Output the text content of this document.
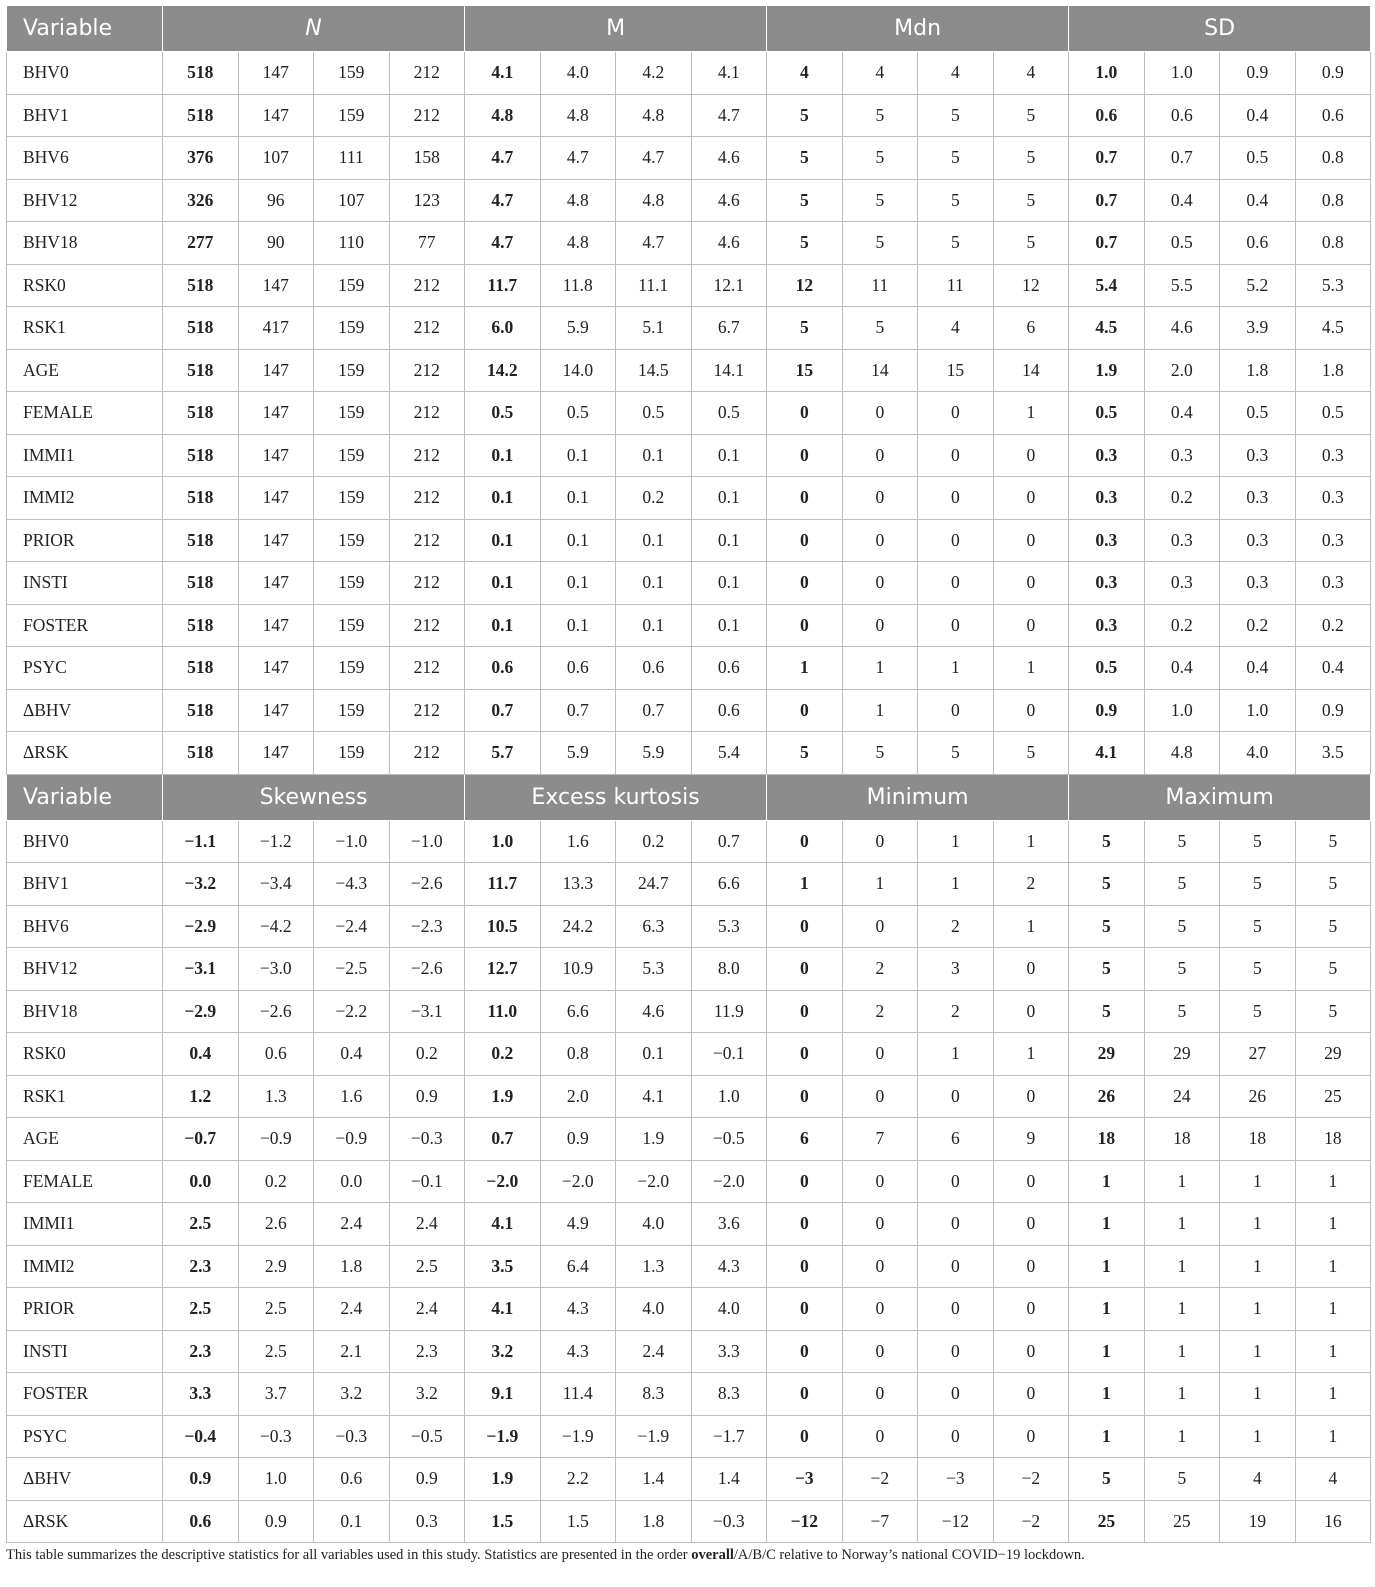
Variable	N				M				Mdn				SD			
BHV0	518	147	159	212	4.1	4.0	4.2	4.1	4	4	4	4	1.0	1.0	0.9	0.9
BHV1	518	147	159	212	4.8	4.8	4.8	4.7	5	5	5	5	0.6	0.6	0.4	0.6
BHV6	376	107	111	158	4.7	4.7	4.7	4.6	5	5	5	5	0.7	0.7	0.5	0.8
BHV12	326	96	107	123	4.7	4.8	4.8	4.6	5	5	5	5	0.7	0.4	0.4	0.8
BHV18	277	90	110	77	4.7	4.8	4.7	4.6	5	5	5	5	0.7	0.5	0.6	0.8
RSK0	518	147	159	212	11.7	11.8	11.1	12.1	12	11	11	12	5.4	5.5	5.2	5.3
RSK1	518	417	159	212	6.0	5.9	5.1	6.7	5	5	4	6	4.5	4.6	3.9	4.5
AGE	518	147	159	212	14.2	14.0	14.5	14.1	15	14	15	14	1.9	2.0	1.8	1.8
FEMALE	518	147	159	212	0.5	0.5	0.5	0.5	0	0	0	1	0.5	0.4	0.5	0.5
IMMI1	518	147	159	212	0.1	0.1	0.1	0.1	0	0	0	0	0.3	0.3	0.3	0.3
IMMI2	518	147	159	212	0.1	0.1	0.2	0.1	0	0	0	0	0.3	0.2	0.3	0.3
PRIOR	518	147	159	212	0.1	0.1	0.1	0.1	0	0	0	0	0.3	0.3	0.3	0.3
INSTI	518	147	159	212	0.1	0.1	0.1	0.1	0	0	0	0	0.3	0.3	0.3	0.3
FOSTER	518	147	159	212	0.1	0.1	0.1	0.1	0	0	0	0	0.3	0.2	0.2	0.2
PSYC	518	147	159	212	0.6	0.6	0.6	0.6	1	1	1	1	0.5	0.4	0.4	0.4
ΔBHV	518	147	159	212	0.7	0.7	0.7	0.6	0	1	0	0	0.9	1.0	1.0	0.9
ΔRSK	518	147	159	212	5.7	5.9	5.9	5.4	5	5	5	5	4.1	4.8	4.0	3.5
Variable	Skewness				Excess kurtosis				Minimum				Maximum			
BHV0	−1.1	−1.2	−1.0	−1.0	1.0	1.6	0.2	0.7	0	0	1	1	5	5	5	5
BHV1	−3.2	−3.4	−4.3	−2.6	11.7	13.3	24.7	6.6	1	1	1	2	5	5	5	5
BHV6	−2.9	−4.2	−2.4	−2.3	10.5	24.2	6.3	5.3	0	0	2	1	5	5	5	5
BHV12	−3.1	−3.0	−2.5	−2.6	12.7	10.9	5.3	8.0	0	2	3	0	5	5	5	5
BHV18	−2.9	−2.6	−2.2	−3.1	11.0	6.6	4.6	11.9	0	2	2	0	5	5	5	5
RSK0	0.4	0.6	0.4	0.2	0.2	0.8	0.1	−0.1	0	0	1	1	29	29	27	29
RSK1	1.2	1.3	1.6	0.9	1.9	2.0	4.1	1.0	0	0	0	0	26	24	26	25
AGE	−0.7	−0.9	−0.9	−0.3	0.7	0.9	1.9	−0.5	6	7	6	9	18	18	18	18
FEMALE	0.0	0.2	0.0	−0.1	−2.0	−2.0	−2.0	−2.0	0	0	0	0	1	1	1	1
IMMI1	2.5	2.6	2.4	2.4	4.1	4.9	4.0	3.6	0	0	0	0	1	1	1	1
IMMI2	2.3	2.9	1.8	2.5	3.5	6.4	1.3	4.3	0	0	0	0	1	1	1	1
PRIOR	2.5	2.5	2.4	2.4	4.1	4.3	4.0	4.0	0	0	0	0	1	1	1	1
INSTI	2.3	2.5	2.1	2.3	3.2	4.3	2.4	3.3	0	0	0	0	1	1	1	1
FOSTER	3.3	3.7	3.2	3.2	9.1	11.4	8.3	8.3	0	0	0	0	1	1	1	1
PSYC	−0.4	−0.3	−0.3	−0.5	−1.9	−1.9	−1.9	−1.7	0	0	0	0	1	1	1	1
ΔBHV	0.9	1.0	0.6	0.9	1.9	2.2	1.4	1.4	−3	−2	−3	−2	5	5	4	4
ΔRSK	0.6	0.9	0.1	0.3	1.5	1.5	1.8	−0.3	−12	−7	−12	−2	25	25	19	16
This table summarizes the descriptive statistics for all variables used in this study. Statistics are presented in the order overall/A/B/C relative to Norway’s national COVID−19 lockdown.
